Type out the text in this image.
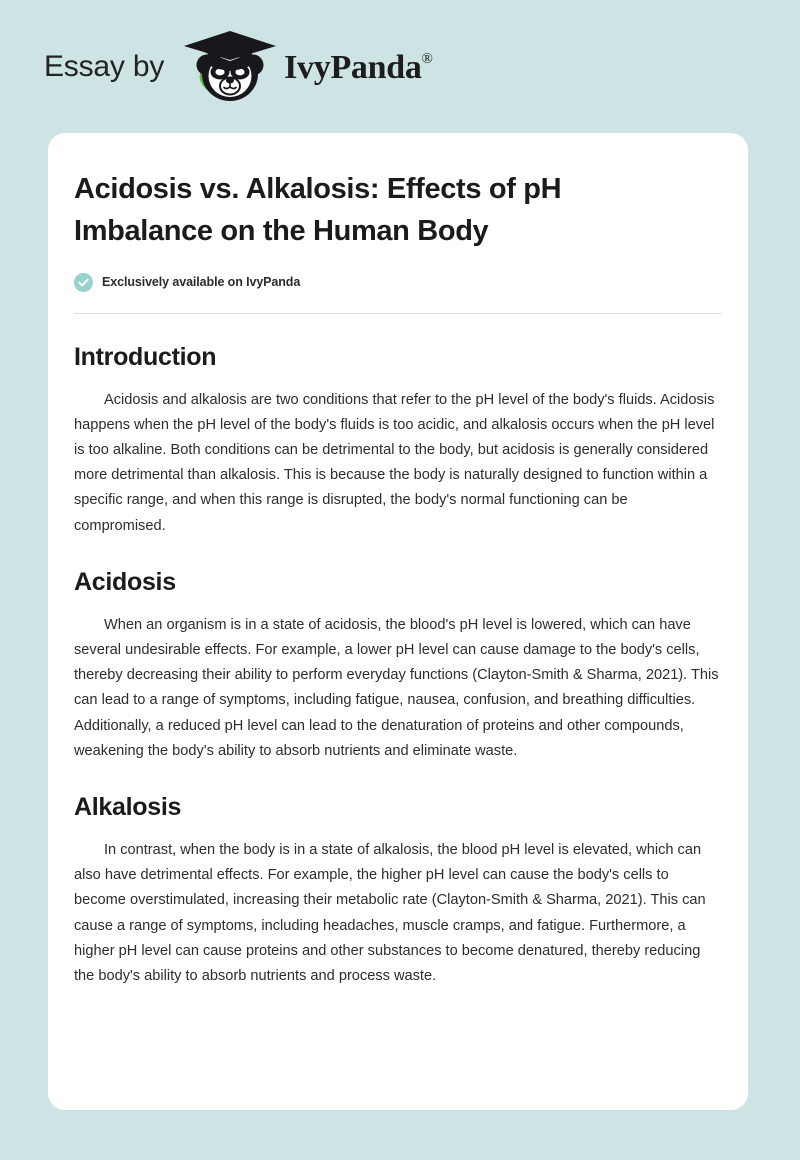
Essay by	IvyPanda®
Acidosis vs. Alkalosis: Effects of pH Imbalance on the Human Body
Exclusively available on IvyPanda
Introduction

Acidosis and alkalosis are two conditions that refer to the pH level of the body's fluids. Acidosis happens when the pH level of the body's fluids is too acidic, and alkalosis occurs when the pH level is too alkaline. Both conditions can be detrimental to the body, but acidosis is generally considered more detrimental than alkalosis. This is because the body is naturally designed to function within a specific range, and when this range is disrupted, the body's normal functioning can be compromised.

Acidosis

When an organism is in a state of acidosis, the blood's pH level is lowered, which can have several undesirable effects. For example, a lower pH level can cause damage to the body's cells, thereby decreasing their ability to perform everyday functions (Clayton-Smith & Sharma, 2021). This can lead to a range of symptoms, including fatigue, nausea, confusion, and breathing difficulties. Additionally, a reduced pH level can lead to the denaturation of proteins and other compounds, weakening the body's ability to absorb nutrients and eliminate waste.

Alkalosis

In contrast, when the body is in a state of alkalosis, the blood pH level is elevated, which can also have detrimental effects. For example, the higher pH level can cause the body's cells to become overstimulated, increasing their metabolic rate (Clayton-Smith & Sharma, 2021). This can cause a range of symptoms, including headaches, muscle cramps, and fatigue. Furthermore, a higher pH level can cause proteins and other substances to become denatured, thereby reducing the body's ability to absorb nutrients and process waste.
